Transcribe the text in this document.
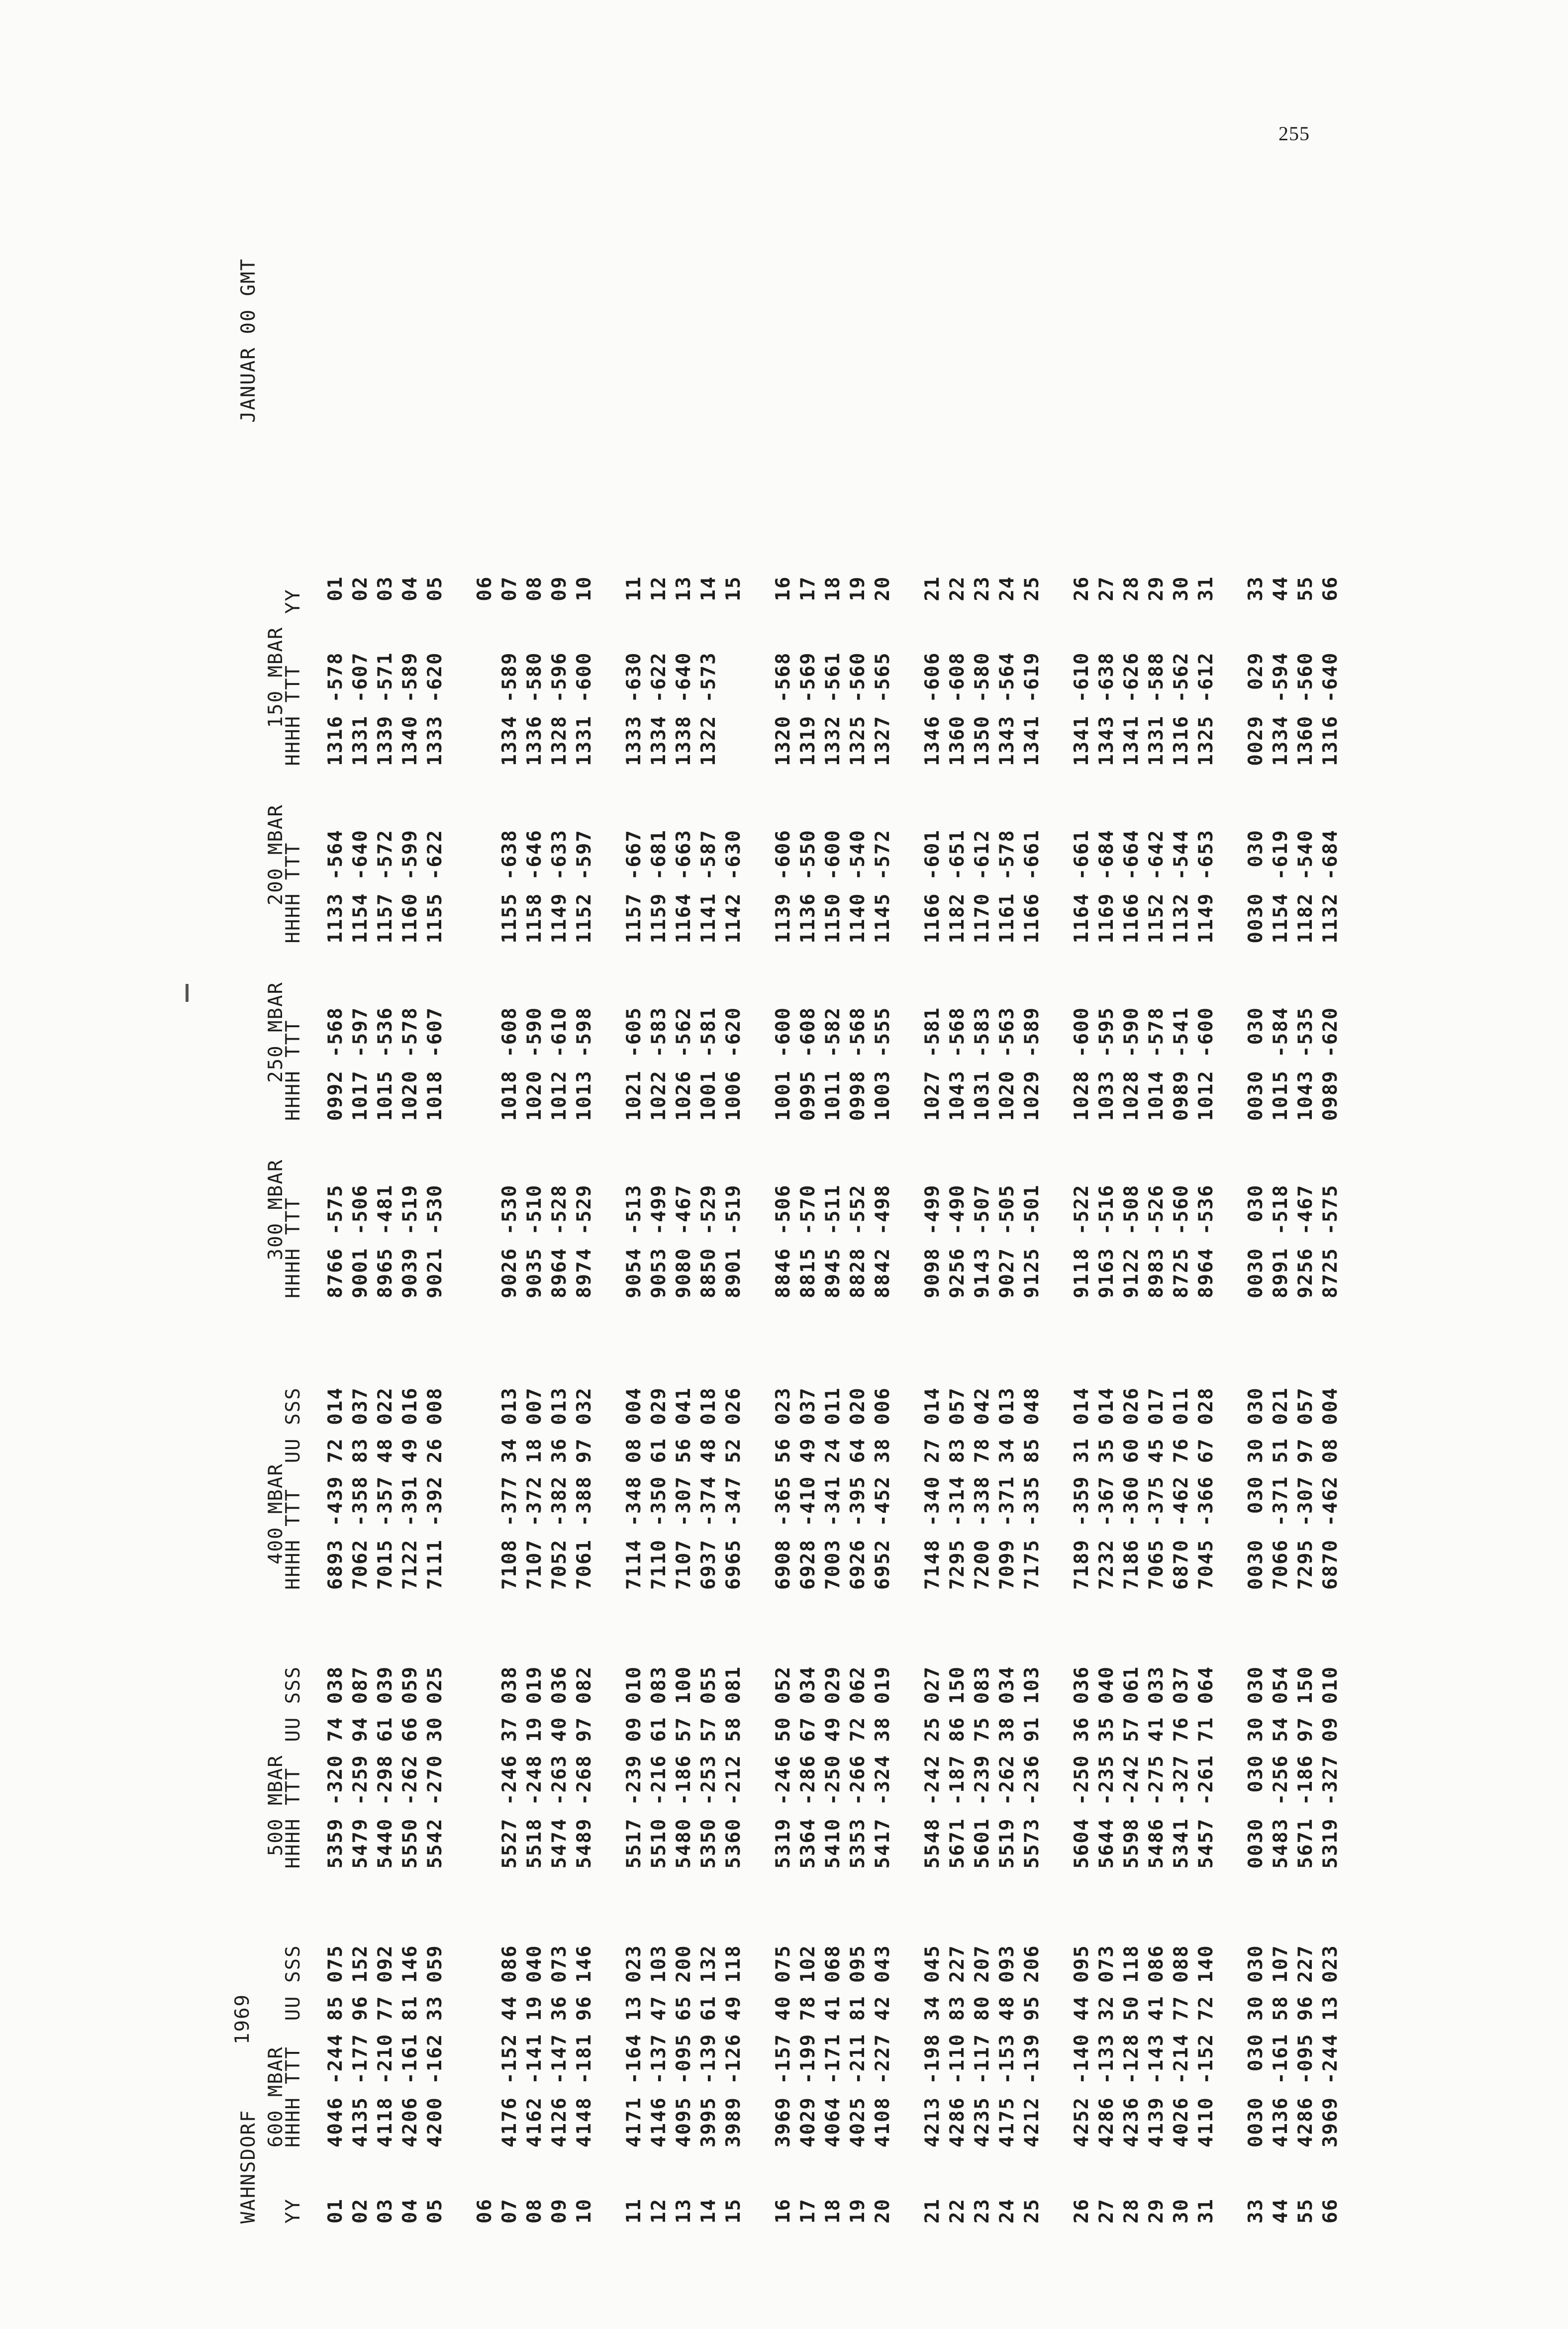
255
WAHNSDORF
1969
JANUAR 00 GMT
600 MBAR               500 MBAR               400 MBAR                300 MBAR      250 MBAR      200 MBAR      150 MBAR
YY    HHHH TTT  UU SSS      HHHH TTT  UU SSS      HHHH TTT  UU SSS       HHHH TTT      HHHH TTT      HHHH TTT      HHHH TTT    YY 01    4046 -244 85 075      5359 -320 74 038      6893 -439 72 014       8766 -575     0992 -568     1133 -564     1316 -578    01 02    4135 -177 96 152      5479 -259 94 087      7062 -358 83 037       9001 -506     1017 -597     1154 -640     1331 -607    02 03    4118 -210 77 092      5440 -298 61 039      7015 -357 48 022       8965 -481     1015 -536     1157 -572     1339 -571    03 04    4206 -161 81 146      5550 -262 66 059      7122 -391 49 016       9039 -519     1020 -578     1160 -599     1340 -589    04 05    4200 -162 33 059      5542 -270 30 025      7111 -392 26 008       9021 -530     1018 -607     1155 -622     1333 -620    05 06                                                                                                                              06 07    4176 -152 44 086      5527 -246 37 038      7108 -377 34 013       9026 -530     1018 -608     1155 -638     1334 -589    07 08    4162 -141 19 040      5518 -248 19 019      7107 -372 18 007       9035 -510     1020 -590     1158 -646     1336 -580    08 09    4126 -147 36 073      5474 -263 40 036      7052 -382 36 013       8964 -528     1012 -610     1149 -633     1328 -596    09 10    4148 -181 96 146      5489 -268 97 082      7061 -388 97 032       8974 -529     1013 -598     1152 -597     1331 -600    10 11    4171 -164 13 023      5517 -239 09 010      7114 -348 08 004       9054 -513     1021 -605     1157 -667     1333 -630    11 12    4146 -137 47 103      5510 -216 61 083      7110 -350 61 029       9053 -499     1022 -583     1159 -681     1334 -622    12 13    4095 -095 65 200      5480 -186 57 100      7107 -307 56 041       9080 -467     1026 -562     1164 -663     1338 -640    13 14    3995 -139 61 132      5350 -253 57 055      6937 -374 48 018       8850 -529     1001 -581     1141 -587     1322 -573    14 15    3989 -126 49 118      5360 -212 58 081      6965 -347 52 026       8901 -519     1006 -620     1142 -630                  15 16    3969 -157 40 075      5319 -246 50 052      6908 -365 56 023       8846 -506     1001 -600     1139 -606     1320 -568    16 17    4029 -199 78 102      5364 -286 67 034      6928 -410 49 037       8815 -570     0995 -608     1136 -550     1319 -569    17 18    4064 -171 41 068      5410 -250 49 029      7003 -341 24 011       8945 -511     1011 -582     1150 -600     1332 -561    18 19    4025 -211 81 095      5353 -266 72 062      6926 -395 64 020       8828 -552     0998 -568     1140 -540     1325 -560    19 20    4108 -227 42 043      5417 -324 38 019      6952 -452 38 006       8842 -498     1003 -555     1145 -572     1327 -565    20 21    4213 -198 34 045      5548 -242 25 027      7148 -340 27 014       9098 -499     1027 -581     1166 -601     1346 -606    21 22    4286 -110 83 227      5671 -187 86 150      7295 -314 83 057       9256 -490     1043 -568     1182 -651     1360 -608    22 23    4235 -117 80 207      5601 -239 75 083      7200 -338 78 042       9143 -507     1031 -583     1170 -612     1350 -580    23 24    4175 -153 48 093      5519 -262 38 034      7099 -371 34 013       9027 -505     1020 -563     1161 -578     1343 -564    24 25    4212 -139 95 206      5573 -236 91 103      7175 -335 85 048       9125 -501     1029 -589     1166 -661     1341 -619    25 26    4252 -140 44 095      5604 -250 36 036      7189 -359 31 014       9118 -522     1028 -600     1164 -661     1341 -610    26 27    4286 -133 32 073      5644 -235 35 040      7232 -367 35 014       9163 -516     1033 -595     1169 -684     1343 -638    27 28    4236 -128 50 118      5598 -242 57 061      7186 -360 60 026       9122 -508     1028 -590     1166 -664     1341 -626    28 29    4139 -143 41 086      5486 -275 41 033      7065 -375 45 017       8983 -526     1014 -578     1152 -642     1331 -588    29 30    4026 -214 77 088      5341 -327 76 037      6870 -462 76 011       8725 -560     0989 -541     1132 -544     1316 -562    30 31    4110 -152 72 140      5457 -261 71 064      7045 -366 67 028       8964 -536     1012 -600     1149 -653     1325 -612    31 33    0030  030 30 030      0030  030 30 030      0030  030 30 030       0030  030     0030  030     0030  030     0029  029    33 44    4136 -161 58 107      5483 -256 54 054      7066 -371 51 021       8991 -518     1015 -584     1154 -619     1334 -594    44 55    4286 -095 96 227      5671 -186 97 150      7295 -307 97 057       9256 -467     1043 -535     1182 -540     1360 -560    55 66    3969 -244 13 023      5319 -327 09 010      6870 -462 08 004       8725 -575     0989 -620     1132 -684     1316 -640    66
